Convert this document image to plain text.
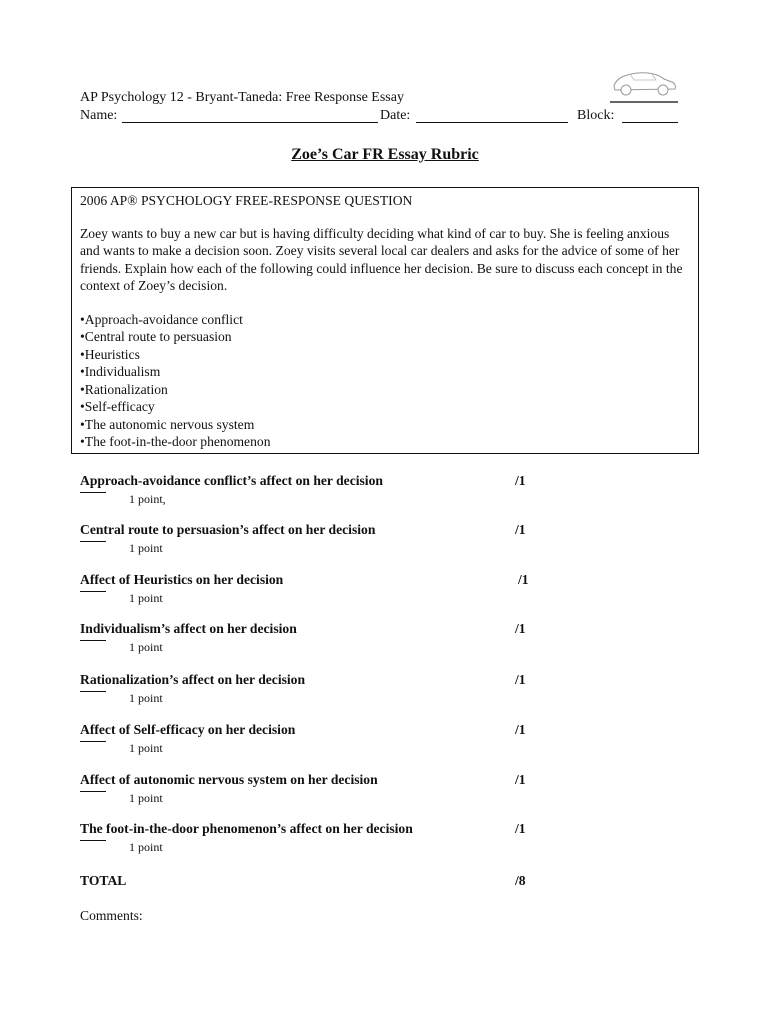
AP Psychology 12 - Bryant-Taneda: Free Response Essay
Name:	Date:	Block:
Zoe’s Car FR Essay Rubric

2006 AP® PSYCHOLOGY FREE-RESPONSE QUESTION

Zoey wants to buy a new car but is having difficulty deciding what kind of car to buy. She is feeling anxious and wants to make a decision soon. Zoey visits several local car dealers and asks for the advice of some of her friends. Explain how each of the following could influence her decision. Be sure to discuss each concept in the context of Zoey’s decision.

•Approach-avoidance conflict
•Central route to persuasion
•Heuristics
•Individualism
•Rationalization
•Self-efficacy
•The autonomic nervous system
•The foot-in-the-door phenomenon
Approach-avoidance conflict’s affect on her decision	/1
1 point,
Central route to persuasion’s affect on her decision	/1
1 point
Affect of Heuristics on her decision	/1
1 point
Individualism’s affect on her decision	/1
1 point
Rationalization’s affect on her decision	/1
1 point
Affect of Self-efficacy on her decision	/1
1 point
Affect of autonomic nervous system on her decision	/1
1 point
The foot-in-the-door phenomenon’s affect on her decision	/1
1 point
TOTAL	/8
Comments:
